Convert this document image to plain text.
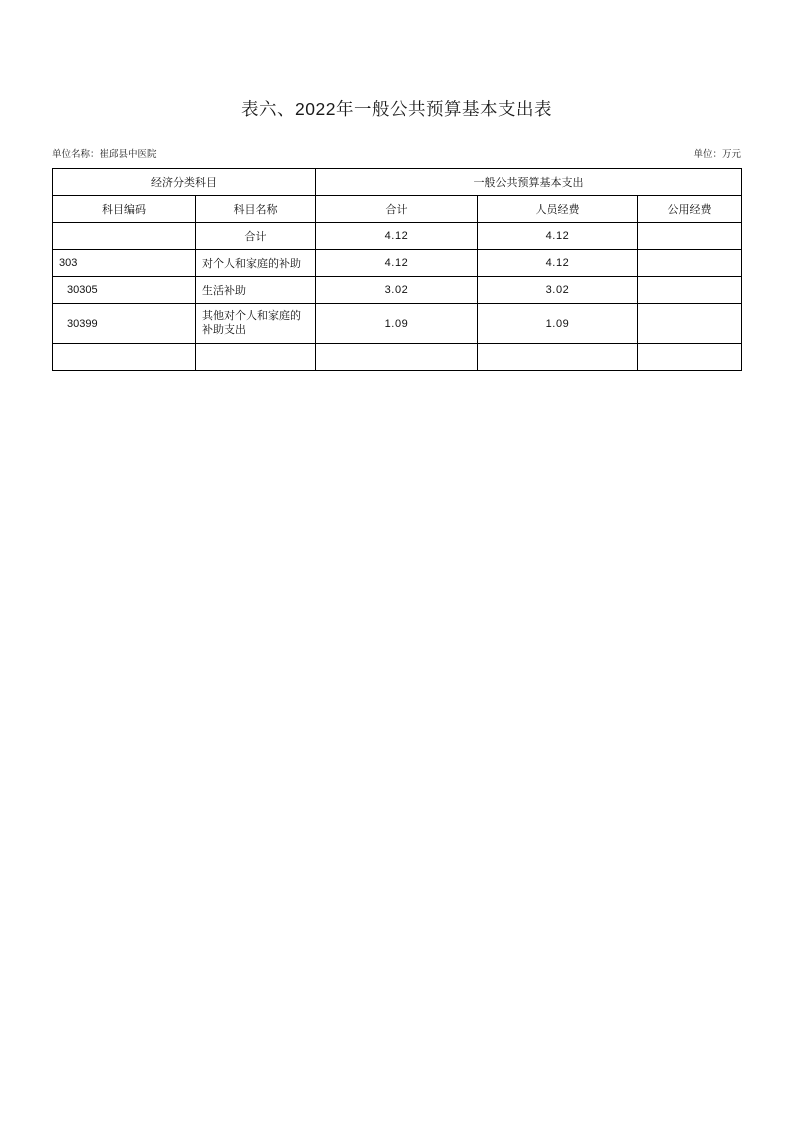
表六、2022年一般公共预算基本支出表
单位名称：崔邱县中医院	单位：万元
经济分类科目		一般公共预算基本支出		
科目编码	科目名称	合计	人员经费	公用经费
	合计	4.12	4.12	
303	对个人和家庭的补助	4.12	4.12	
30305	生活补助	3.02	3.02	
30399	其他对个人和家庭的补助支出	1.09	1.09	
